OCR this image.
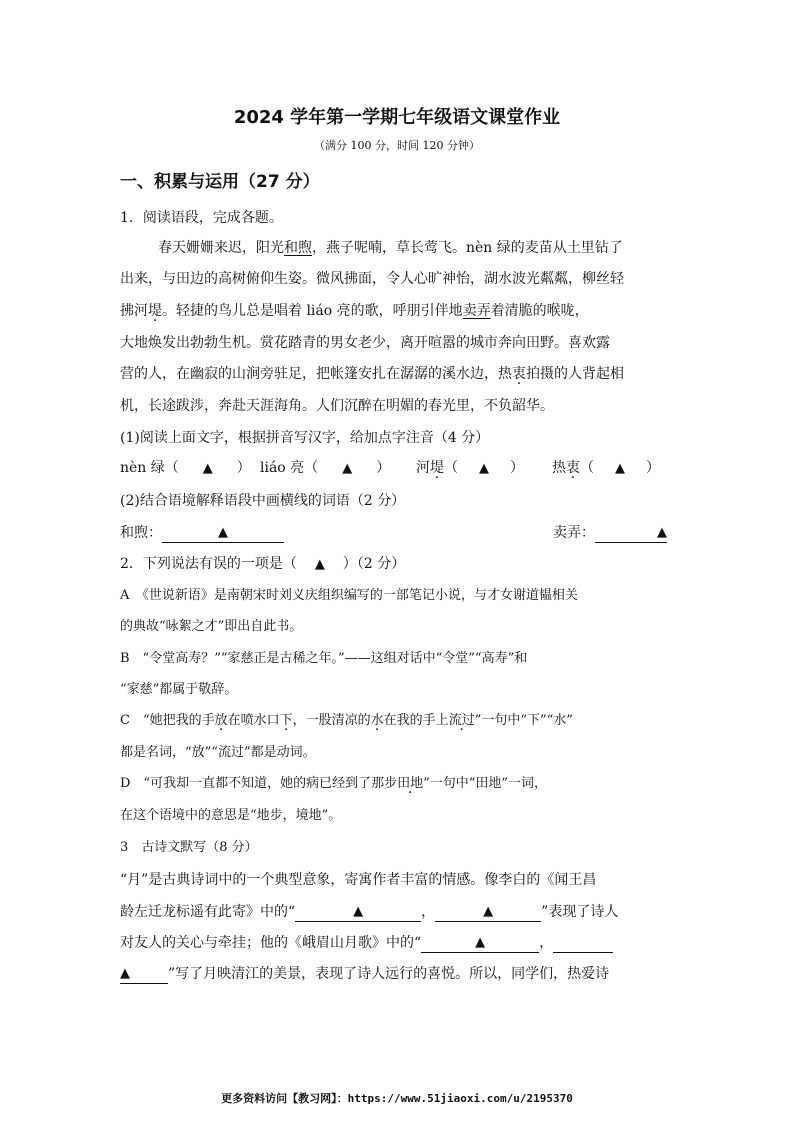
2024 学年第一学期七年级语文课堂作业
（满分 100 分，时间 120 分钟）
一、积累与运用（27 分）
1．阅读语段，完成各题。
春天姗姗来迟，阳光和煦，燕子呢喃，草长莺飞。nèn 绿的麦苗从土里钻了
出来，与田边的高树俯仰生姿。微风拂面，令人心旷神怡，湖水波光粼粼，柳丝轻
拂河堤。轻捷的鸟儿总是唱着 liáo 亮的歌，呼朋引伴地卖弄着清脆的喉咙，
大地焕发出勃勃生机。赏花踏青的男女老少，离开喧嚣的城市奔向田野。喜欢露
营的人，在幽寂的山涧旁驻足，把帐篷安扎在潺潺的溪水边，热衷拍摄的人背起相
机，长途跋涉，奔赴天涯海角。人们沉醉在明媚的春光里，不负韶华。
(1)阅读上面文字，根据拼音写汉字，给加点字注音（4 分）
nèn 绿（ ▲ ） liáo 亮（ ▲ ） 河堤（ ▲ ） 热衷（ ▲ ）
(2)结合语境解释语段中画横线的词语（2 分）
和煦：	▲	卖弄：	▲
2．下列说法有误的一项是（ ▲ ）（2 分）
A　《世说新语》是南朝宋时刘义庆组织编写的一部笔记小说，与才女谢道韫相关
的典故“咏絮之才”即出自此书。
B　“令堂高寿？”“家慈正是古稀之年。”——这组对话中“令堂”“高寿”和
“家慈”都属于敬辞。
C　“她把我的手放在喷水口下，一股清凉的水在我的手上流过”一句中“下”“水”
都是名词，“放”“流过”都是动词。
D　“可我却一直都不知道，她的病已经到了那步田地”一句中“田地”一词，
在这个语境中的意思是“地步，境地”。
3　古诗文默写（8 分）
“月”是古典诗词中的一个典型意象，寄寓作者丰富的情感。像李白的《闻王昌
龄左迁龙标遥有此寄》中的“	▲	，	▲	”表现了诗人
对友人的关心与牵挂；他的《峨眉山月歌》中的“	▲	，
▲	”写了月映清江的美景，表现了诗人远行的喜悦。所以，同学们，热爱诗
更多资料访问【教习网】：https://www.51jiaoxi.com/u/2195370
